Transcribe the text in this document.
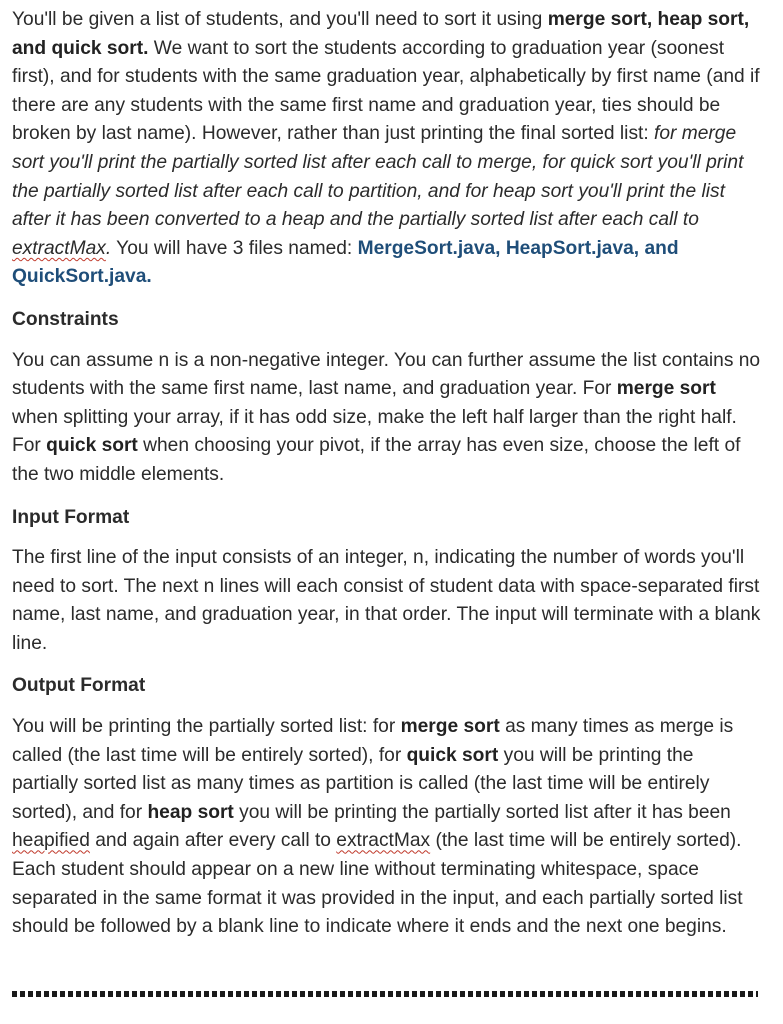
You'll be given a list of students, and you'll need to sort it using merge sort, heap sort, and quick sort. We want to sort the students according to graduation year (soonest first), and for students with the same graduation year, alphabetically by first name (and if there are any students with the same first name and graduation year, ties should be broken by last name). However, rather than just printing the final sorted list: for merge sort you'll print the partially sorted list after each call to merge, for quick sort you'll print the partially sorted list after each call to partition, and for heap sort you'll print the list after it has been converted to a heap and the partially sorted list after each call to extractMax. You will have 3 files named: MergeSort.java, HeapSort.java, and QuickSort.java.

Constraints

You can assume n is a non-negative integer. You can further assume the list contains no students with the same first name, last name, and graduation year. For merge sort when splitting your array, if it has odd size, make the left half larger than the right half. For quick sort when choosing your pivot, if the array has even size, choose the left of the two middle elements.

Input Format

The first line of the input consists of an integer, n, indicating the number of words you'll need to sort. The next n lines will each consist of student data with space-separated first name, last name, and graduation year, in that order. The input will terminate with a blank line.

Output Format

You will be printing the partially sorted list: for merge sort as many times as merge is called (the last time will be entirely sorted), for quick sort you will be printing the partially sorted list as many times as partition is called (the last time will be entirely sorted), and for heap sort you will be printing the partially sorted list after it has been heapified and again after every call to extractMax (the last time will be entirely sorted). Each student should appear on a new line without terminating whitespace, space separated in the same format it was provided in the input, and each partially sorted list should be followed by a blank line to indicate where it ends and the next one begins.
